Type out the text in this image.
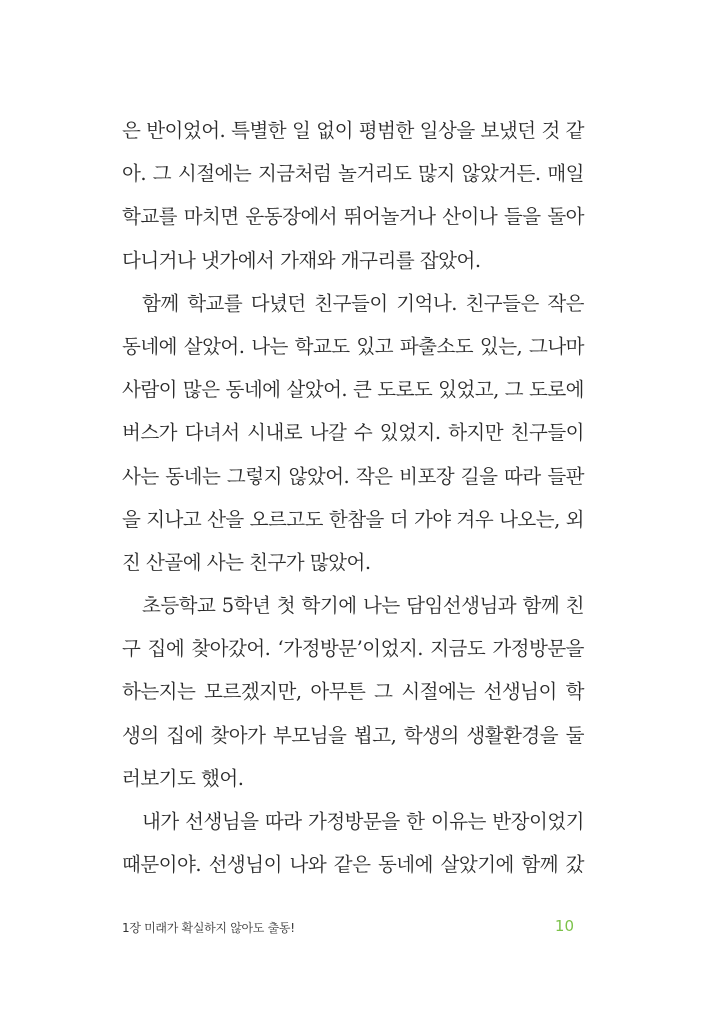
은 반이었어. 특별한 일 없이 평범한 일상을 보냈던 것 같
아. 그 시절에는 지금처럼 놀거리도 많지 않았거든. 매일
학교를 마치면 운동장에서 뛰어놀거나 산이나 들을 돌아
다니거나 냇가에서 가재와 개구리를 잡았어.
함께 학교를 다녔던 친구들이 기억나. 친구들은 작은
동네에 살았어. 나는 학교도 있고 파출소도 있는, 그나마
사람이 많은 동네에 살았어. 큰 도로도 있었고, 그 도로에
버스가 다녀서 시내로 나갈 수 있었지. 하지만 친구들이
사는 동네는 그렇지 않았어. 작은 비포장 길을 따라 들판
을 지나고 산을 오르고도 한참을 더 가야 겨우 나오는, 외
진 산골에 사는 친구가 많았어.
초등학교 5학년 첫 학기에 나는 담임선생님과 함께 친
구 집에 찾아갔어. ‘가정방문’이었지. 지금도 가정방문을
하는지는 모르겠지만, 아무튼 그 시절에는 선생님이 학
생의 집에 찾아가 부모님을 뵙고, 학생의 생활환경을 둘
러보기도 했어.
내가 선생님을 따라 가정방문을 한 이유는 반장이었기
때문이야. 선생님이 나와 같은 동네에 살았기에 함께 갔
1장 미래가 확실하지 않아도 출동!	10
